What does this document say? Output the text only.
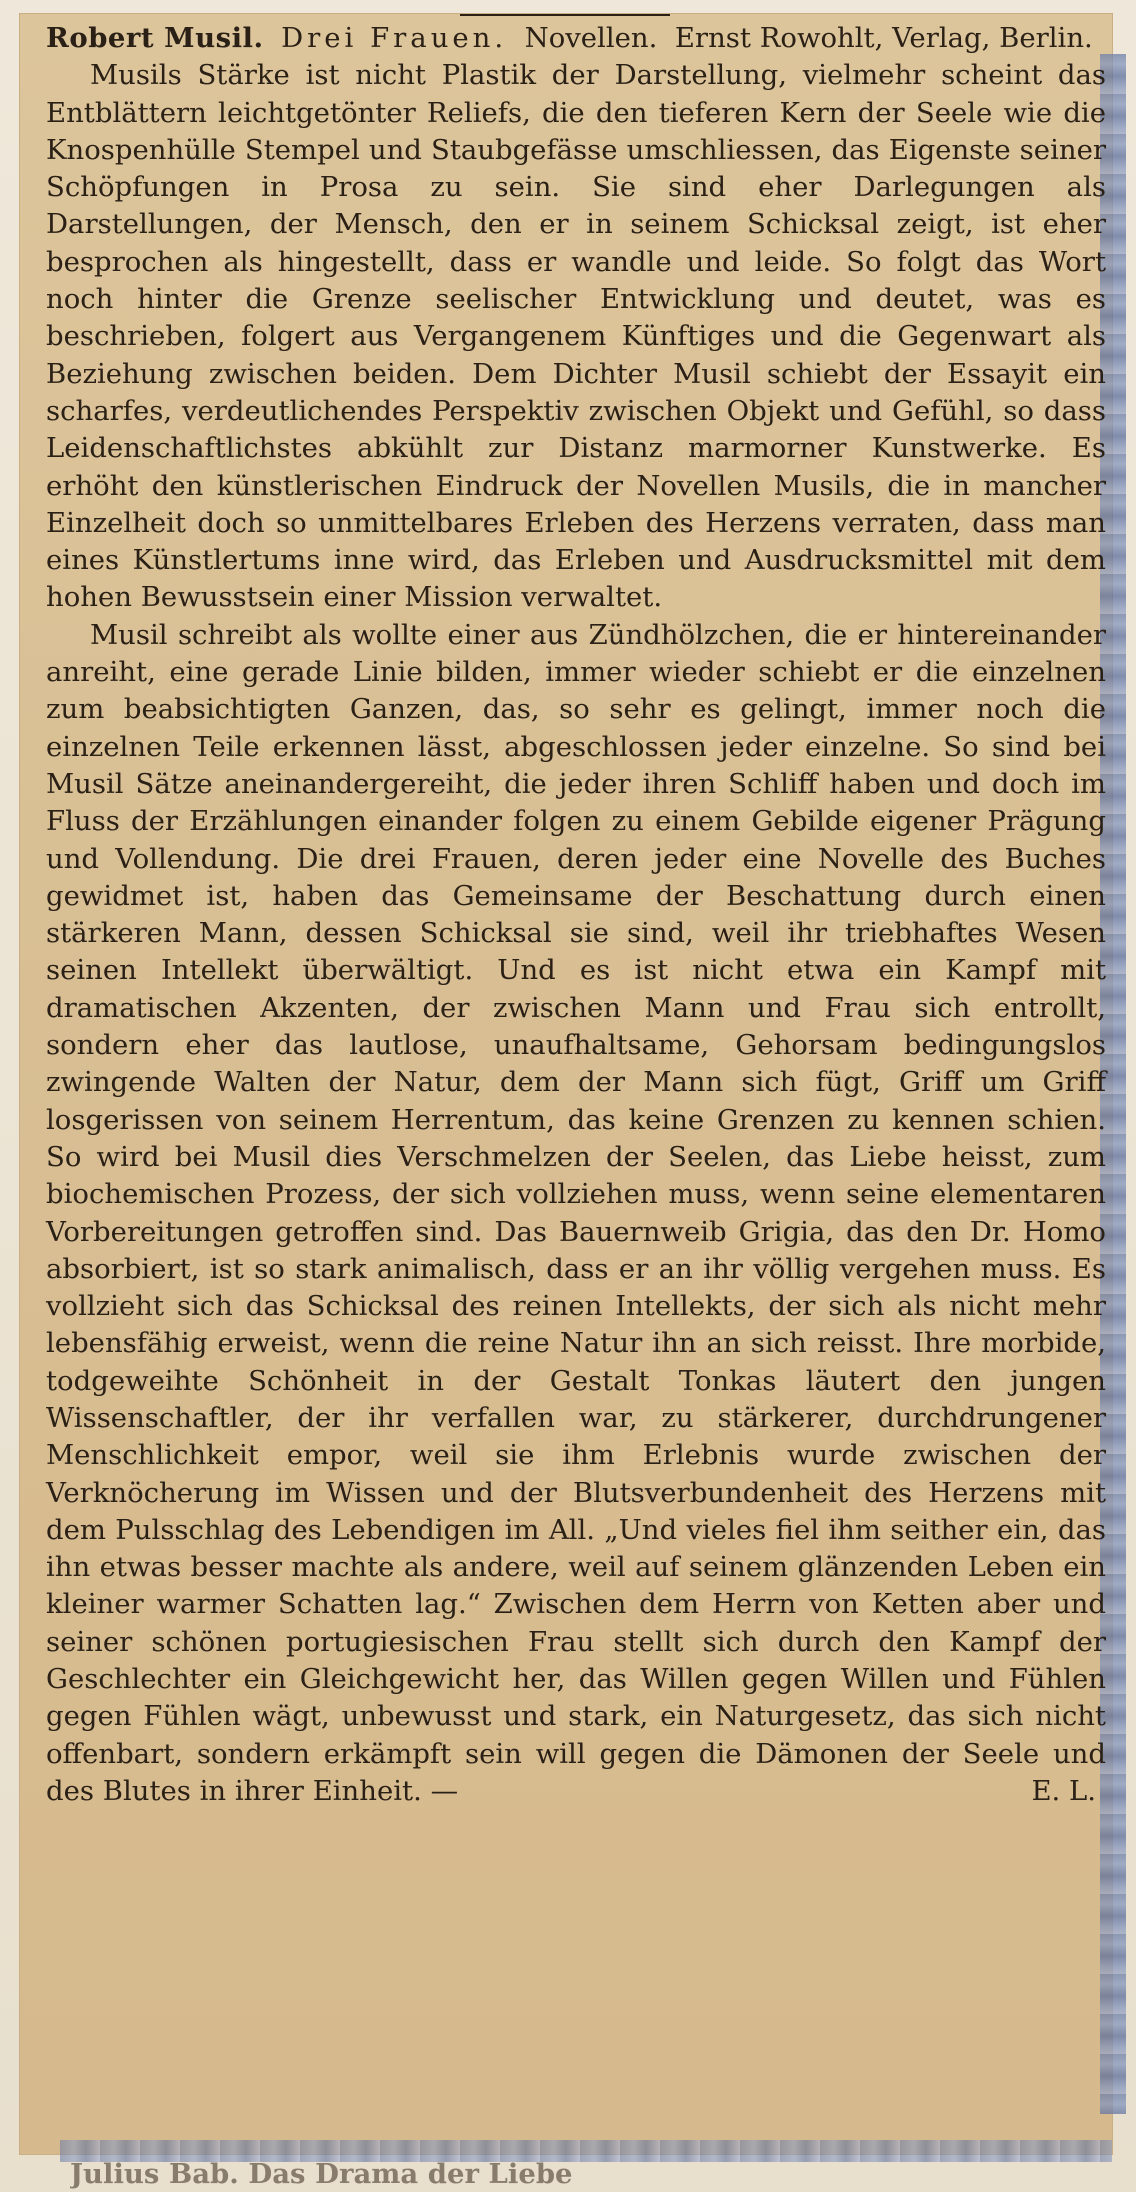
Robert Musil. Drei Frauen. Novellen. Ernst Rowohlt, Verlag, Berlin.

Musils Stärke ist nicht Plastik der Darstellung, vielmehr scheint das Entblättern leichtgetönter Reliefs, die den tieferen Kern der Seele wie die Knospenhülle Stempel und Staubgefässe umschliessen, das Eigenste seiner Schöpfungen in Prosa zu sein. Sie sind eher Darlegungen als Darstellungen, der Mensch, den er in seinem Schicksal zeigt, ist eher besprochen als hingestellt, dass er wandle und leide. So folgt das Wort noch hinter die Grenze seelischer Entwicklung und deutet, was es beschrieben, folgert aus Vergangenem Künftiges und die Gegenwart als Beziehung zwischen beiden. Dem Dichter Musil schiebt der Essayit ein scharfes, verdeutlichendes Perspektiv zwischen Objekt und Gefühl, so dass Leidenschaftlichstes abkühlt zur Distanz marmorner Kunstwerke. Es erhöht den künstlerischen Eindruck der Novellen Musils, die in mancher Einzelheit doch so unmittelbares Erleben des Herzens verraten, dass man eines Künstlertums inne wird, das Erleben und Ausdrucksmittel mit dem hohen Bewusstsein einer Mission verwaltet.

Musil schreibt als wollte einer aus Zündhölzchen, die er hintereinander anreiht, eine gerade Linie bilden, immer wieder schiebt er die einzelnen zum beabsichtigten Ganzen, das, so sehr es gelingt, immer noch die einzelnen Teile erkennen lässt, abgeschlossen jeder einzelne. So sind bei Musil Sätze aneinandergereiht, die jeder ihren Schliff haben und doch im Fluss der Erzählungen einander folgen zu einem Gebilde eigener Prägung und Vollendung. Die drei Frauen, deren jeder eine Novelle des Buches gewidmet ist, haben das Gemeinsame der Beschattung durch einen stärkeren Mann, dessen Schicksal sie sind, weil ihr triebhaftes Wesen seinen Intellekt überwältigt. Und es ist nicht etwa ein Kampf mit dramatischen Akzenten, der zwischen Mann und Frau sich entrollt, sondern eher das lautlose, unaufhaltsame, Gehorsam bedingungslos zwingende Walten der Natur, dem der Mann sich fügt, Griff um Griff losgerissen von seinem Herrentum, das keine Grenzen zu kennen schien. So wird bei Musil dies Verschmelzen der Seelen, das Liebe heisst, zum biochemischen Prozess, der sich vollziehen muss, wenn seine elementaren Vorbereitungen getroffen sind. Das Bauernweib Grigia, das den Dr. Homo absorbiert, ist so stark animalisch, dass er an ihr völlig vergehen muss. Es vollzieht sich das Schicksal des reinen Intellekts, der sich als nicht mehr lebensfähig erweist, wenn die reine Natur ihn an sich reisst. Ihre morbide, todgeweihte Schönheit in der Gestalt Tonkas läutert den jungen Wissenschaftler, der ihr verfallen war, zu stärkerer, durchdrungener Menschlichkeit empor, weil sie ihm Erlebnis wurde zwischen der Verknöcherung im Wissen und der Blutsverbundenheit des Herzens mit dem Pulsschlag des Lebendigen im All. „Und vieles fiel ihm seither ein, das ihn etwas besser machte als andere, weil auf seinem glänzenden Leben ein kleiner warmer Schatten lag.“ Zwischen dem Herrn von Ketten aber und seiner schönen portugiesischen Frau stellt sich durch den Kampf der Geschlechter ein Gleichgewicht her, das Willen gegen Willen und Fühlen gegen Fühlen wägt, unbewusst und stark, ein Naturgesetz, das sich nicht offenbart, sondern erkämpft sein will gegen die Dämonen der Seele und des Blutes in ihrer Einheit. —	E. L.

Julius Bab. Das Drama der Liebe
